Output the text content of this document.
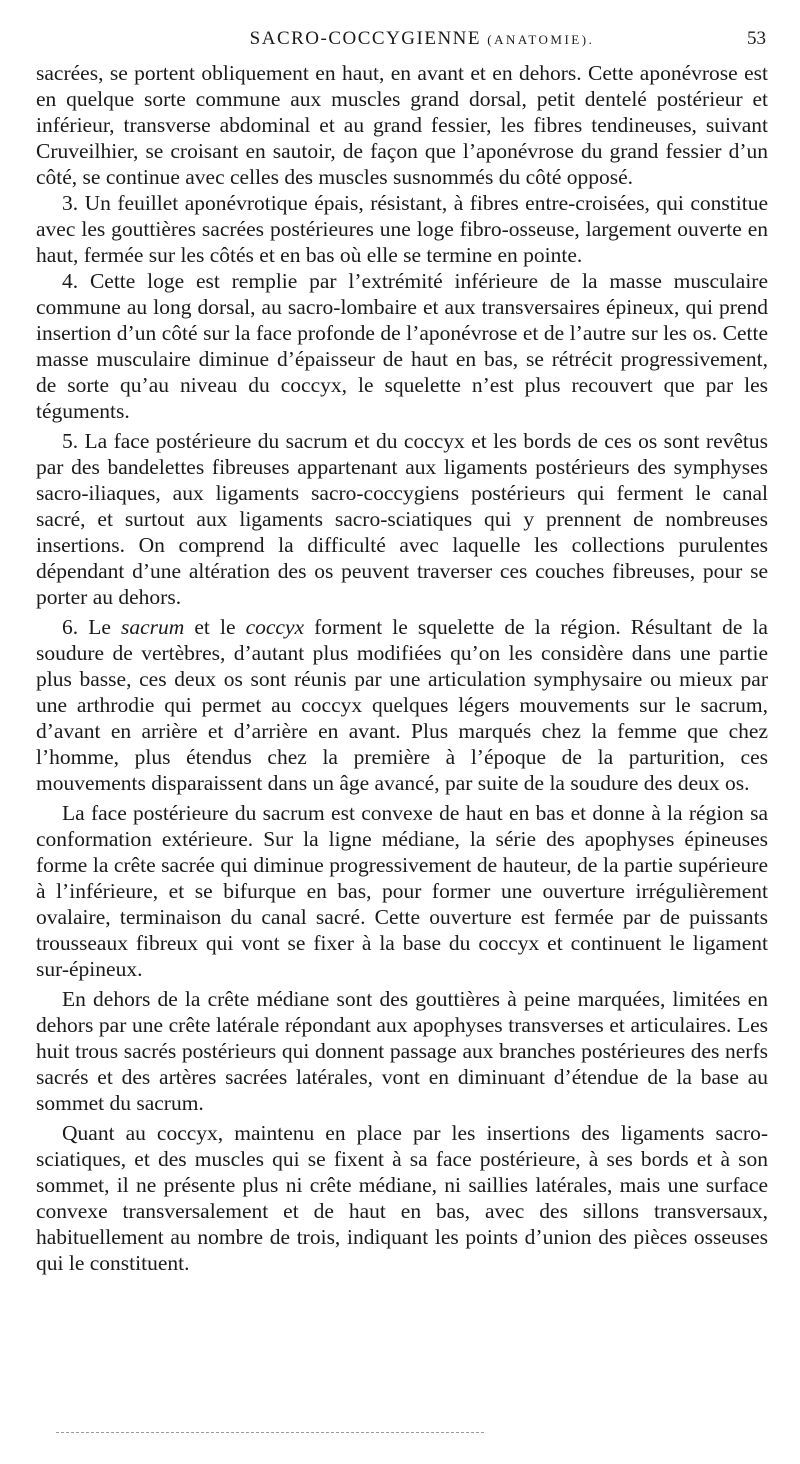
SACRO-COCCYGIENNE (ANATOMIE).	53

sacrées, se portent obliquement en haut, en avant et en dehors. Cette aponévrose est en quelque sorte commune aux muscles grand dorsal, petit dentelé postérieur et inférieur, transverse abdominal et au grand fessier, les fibres tendineuses, suivant Cruveilhier, se croisant en sautoir, de façon que l’aponévrose du grand fessier d’un côté, se continue avec celles des muscles susnommés du côté opposé.

3. Un feuillet aponévrotique épais, résistant, à fibres entre-croisées, qui constitue avec les gouttières sacrées postérieures une loge fibro-osseuse, largement ouverte en haut, fermée sur les côtés et en bas où elle se termine en pointe.

4. Cette loge est remplie par l’extrémité inférieure de la masse musculaire commune au long dorsal, au sacro-lombaire et aux transversaires épineux, qui prend insertion d’un côté sur la face profonde de l’aponévrose et de l’autre sur les os. Cette masse musculaire diminue d’épaisseur de haut en bas, se rétrécit progressivement, de sorte qu’au niveau du coccyx, le squelette n’est plus recouvert que par les téguments.

5. La face postérieure du sacrum et du coccyx et les bords de ces os sont revêtus par des bandelettes fibreuses appartenant aux ligaments postérieurs des symphyses sacro-iliaques, aux ligaments sacro-coccygiens postérieurs qui ferment le canal sacré, et surtout aux ligaments sacro-sciatiques qui y prennent de nombreuses insertions. On comprend la difficulté avec laquelle les collections purulentes dépendant d’une altération des os peuvent traverser ces couches fibreuses, pour se porter au dehors.

6. Le sacrum et le coccyx forment le squelette de la région. Résultant de la soudure de vertèbres, d’autant plus modifiées qu’on les considère dans une partie plus basse, ces deux os sont réunis par une articulation symphysaire ou mieux par une arthrodie qui permet au coccyx quelques légers mouvements sur le sacrum, d’avant en arrière et d’arrière en avant. Plus marqués chez la femme que chez l’homme, plus étendus chez la première à l’époque de la parturition, ces mouvements disparaissent dans un âge avancé, par suite de la soudure des deux os.

La face postérieure du sacrum est convexe de haut en bas et donne à la région sa conformation extérieure. Sur la ligne médiane, la série des apophyses épineuses forme la crête sacrée qui diminue progressivement de hauteur, de la partie supérieure à l’inférieure, et se bifurque en bas, pour former une ouverture irrégulièrement ovalaire, terminaison du canal sacré. Cette ouverture est fermée par de puissants trousseaux fibreux qui vont se fixer à la base du coccyx et continuent le ligament sur-épineux.

En dehors de la crête médiane sont des gouttières à peine marquées, limitées en dehors par une crête latérale répondant aux apophyses transverses et articulaires. Les huit trous sacrés postérieurs qui donnent passage aux branches postérieures des nerfs sacrés et des artères sacrées latérales, vont en diminuant d’étendue de la base au sommet du sacrum.

Quant au coccyx, maintenu en place par les insertions des ligaments sacro-sciatiques, et des muscles qui se fixent à sa face postérieure, à ses bords et à son sommet, il ne présente plus ni crête médiane, ni saillies latérales, mais une surface convexe transversalement et de haut en bas, avec des sillons transversaux, habituellement au nombre de trois, indiquant les points d’union des pièces osseuses qui le constituent.
